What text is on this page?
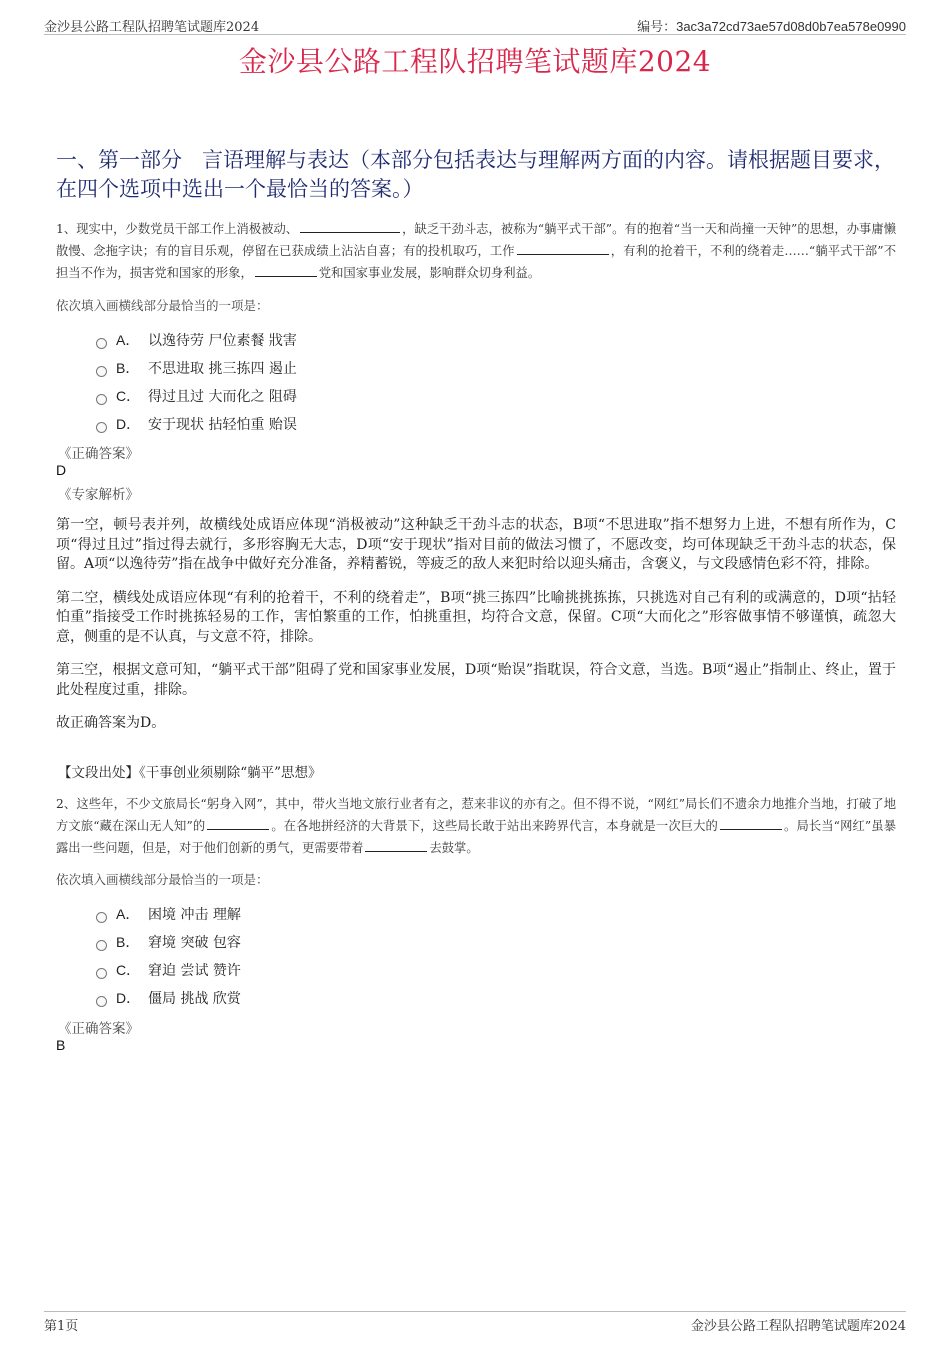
金沙县公路工程队招聘笔试题库2024	编号：3ac3a72cd73ae57d08d0b7ea578e0990
金沙县公路工程队招聘笔试题库2024
一、第一部分 言语理解与表达（本部分包括表达与理解两方面的内容。请根据题目要求，在四个选项中选出一个最恰当的答案。）
1、现实中，少数党员干部工作上消极被动、	，缺乏干劲斗志，被称为“躺平式干部”。有的抱着“当一天和尚撞一天钟”的思想，办事庸懒散慢、念拖字诀；有的盲目乐观，停留在已获成绩上沾沾自喜；有的投机取巧，工作	，有利的抢着干，不利的绕着走……“躺平式干部”不担当不作为，损害党和国家的形象，	党和国家事业发展，影响群众切身利益。
依次填入画横线部分最恰当的一项是：
A． 以逸待劳 尸位素餐 戕害
B． 不思进取 挑三拣四 遏止
C． 得过且过 大而化之 阻碍
D． 安于现状 拈轻怕重 贻误
《正确答案》
D
《专家解析》

第一空，顿号表并列，故横线处成语应体现“消极被动”这种缺乏干劲斗志的状态，B项“不思进取”指不想努力上进，不想有所作为，C项“得过且过”指过得去就行，多形容胸无大志，D项“安于现状”指对目前的做法习惯了，不愿改变，均可体现缺乏干劲斗志的状态，保留。A项“以逸待劳”指在战争中做好充分准备，养精蓄锐，等疲乏的敌人来犯时给以迎头痛击，含褒义，与文段感情色彩不符，排除。

第二空，横线处成语应体现“有利的抢着干，不利的绕着走”，B项“挑三拣四”比喻挑挑拣拣，只挑选对自己有利的或满意的，D项“拈轻怕重”指接受工作时挑拣轻易的工作，害怕繁重的工作，怕挑重担，均符合文意，保留。C项“大而化之”形容做事情不够谨慎，疏忽大意，侧重的是不认真，与文意不符，排除。

第三空，根据文意可知，“躺平式干部”阻碍了党和国家事业发展，D项“贻误”指耽误，符合文意，当选。B项“遏止”指制止、终止，置于此处程度过重，排除。

故正确答案为D。

【文段出处】《干事创业须剔除“躺平”思想》
2、这些年，不少文旅局长“躬身入网”，其中，带火当地文旅行业者有之，惹来非议的亦有之。但不得不说，“网红”局长们不遗余力地推介当地，打破了地方文旅“藏在深山无人知”的	。在各地拼经济的大背景下，这些局长敢于站出来跨界代言，本身就是一次巨大的	。局长当“网红”虽暴露出一些问题，但是，对于他们创新的勇气，更需要带着	去鼓掌。
依次填入画横线部分最恰当的一项是：
A． 困境 冲击 理解
B． 窘境 突破 包容
C． 窘迫 尝试 赞许
D． 僵局 挑战 欣赏
《正确答案》
B
第1页	金沙县公路工程队招聘笔试题库2024
